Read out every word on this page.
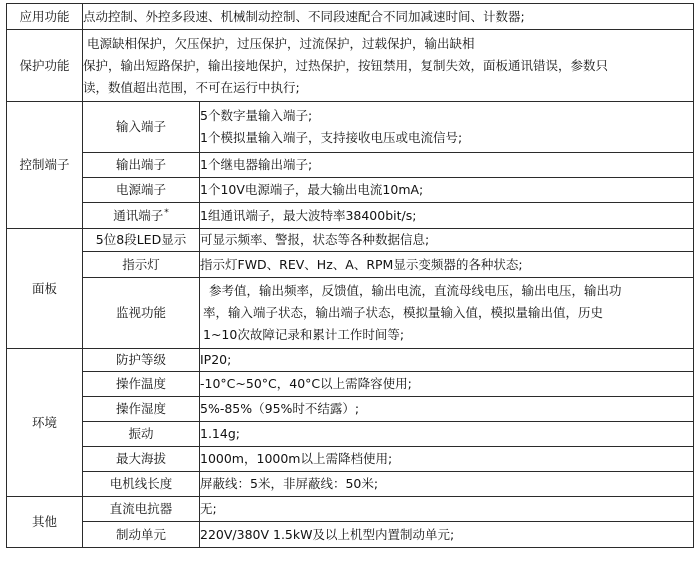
应用功能	点动控制、外控多段速、机械制动控制、不同段速配合不同加减速时间、计数器;	
保护功能	电源缺相保护，欠压保护，过压保护，过流保护，过载保护，输出缺相
保护，输出短路保护，输出接地保护，过热保护，按钮禁用，复制失效，面板通讯错误，参数只
读，数值超出范围，不可在运行中执行;	

控制端子	输入端子	5个数字量输入端子;
1个模拟量输入端子，支持接收电压或电流信号;

	输出端子	1个继电器输出端子;
	电源端子	1个10V电源端子，最大输出电流10mA;
	通讯端子*	1组通讯端子，最大波特率38400bit/s;
面板	5位8段LED显示	可显示频率、警报，状态等各种数据信息;
	指示灯	指示灯FWD、REV、Hz、A、RPM显示变频器的各种状态;
	监视功能	参考值，输出频率，反馈值，输出电流，直流母线电压，输出电压，输出功
率，输入端子状态，输出端子状态，模拟量输入值，模拟量输出值，历史
1~10次故障记录和累计工作时间等;

环境	防护等级	IP20;
	操作温度	-10°C~50°C，40°C以上需降容使用;
	操作湿度	5%-85%（95%时不结露）;
	振动	1.14g;
	最大海拔	1000m，1000m以上需降档使用;
	电机线长度	屏蔽线：5米，非屏蔽线：50米;
其他	直流电抗器	无;
	制动单元	220V/380V 1.5kW及以上机型内置制动单元;
